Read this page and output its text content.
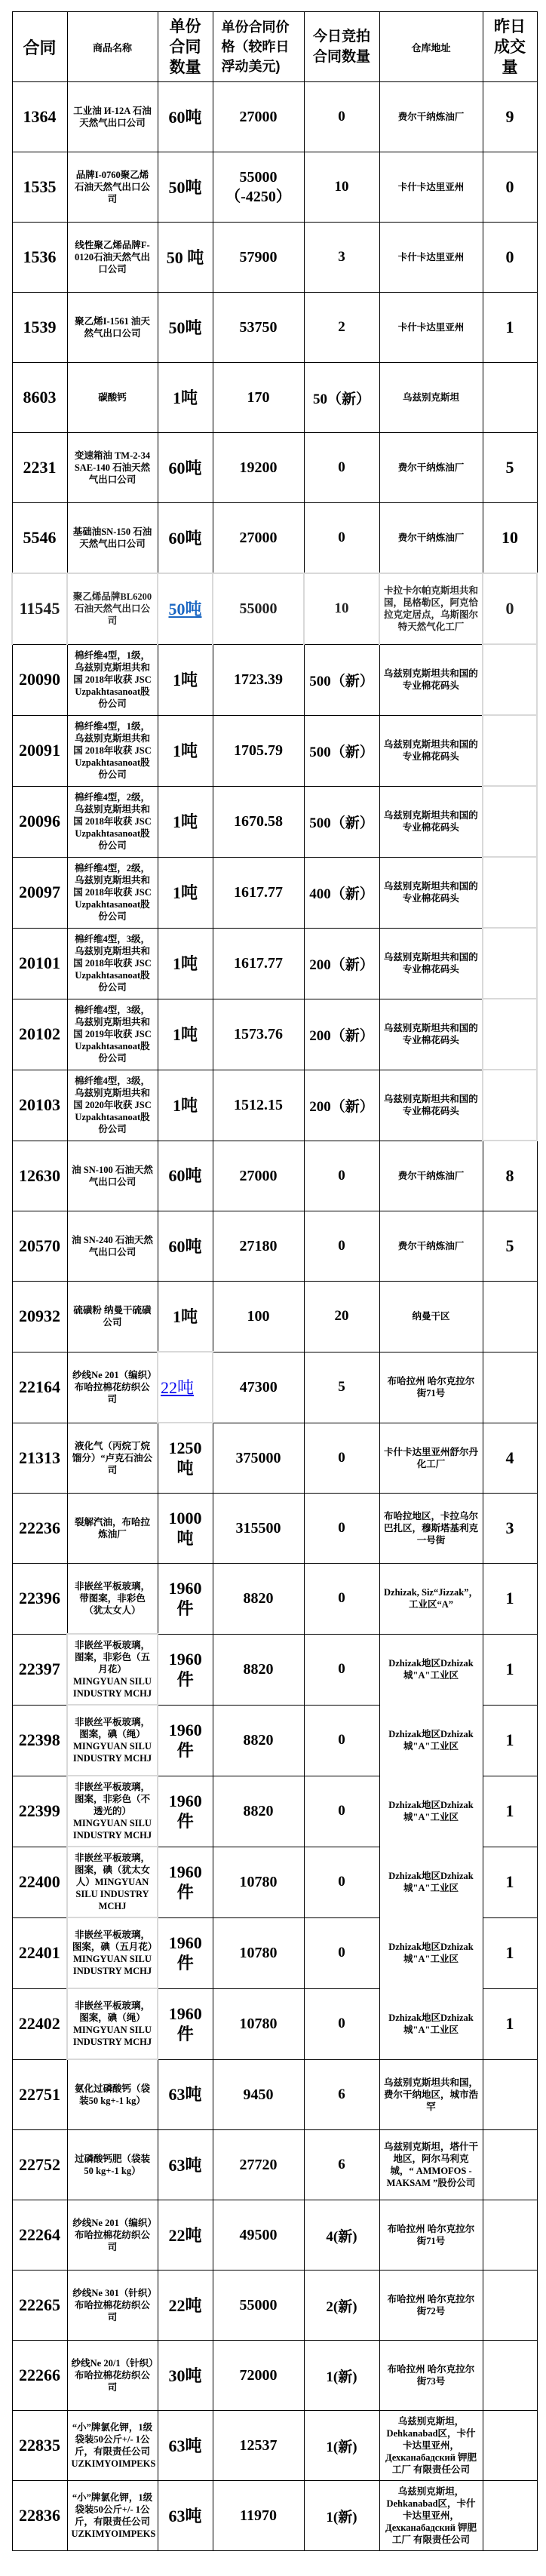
合同	商品名称	单份合同数量	单份合同价格（较昨日浮动美元)	今日竞拍合同数量	仓库地址	昨日成交量
1364	工业油 И-12A 石油天然气出口公司	60吨	27000	0	费尔干纳炼油厂	9
1535	品牌I-0760聚乙烯 石油天然气出口公司	50吨	55000（-4250）	10	卡什卡达里亚州	0
1536	线性聚乙烯品牌F-0120石油天然气出口公司	50 吨	57900	3	卡什卡达里亚州	0
1539	聚乙烯I-1561 油天然气出口公司	50吨	53750	2	卡什卡达里亚州	1
8603	碳酸钙	1吨	170	50（新）	乌兹别克斯坦	
2231	变速箱油 TM-2-34 SAE-140 石油天然气出口公司	60吨	19200	0	费尔干纳炼油厂	5
5546	基础油SN-150 石油天然气出口公司	60吨	27000	0	费尔干纳炼油厂	10
11545	聚乙烯品牌BL6200石油天然气出口公司	50吨	55000	10	卡拉卡尔帕克斯坦共和国，昆格勒区，阿克恰拉克定居点，乌斯图尔特天然气化工厂	0
20090	棉纤维4型，1级，乌兹别克斯坦共和国 2018年收获 JSC Uzpakhtasanoat股份公司	1吨	1723.39	500（新）	乌兹别克斯坦共和国的专业棉花码头	
20091	棉纤维4型，1级，乌兹别克斯坦共和国 2018年收获 JSC Uzpakhtasanoat股份公司	1吨	1705.79	500（新）	乌兹别克斯坦共和国的专业棉花码头	
20096	棉纤维4型，2级，乌兹别克斯坦共和国 2018年收获 JSC Uzpakhtasanoat股份公司	1吨	1670.58	500（新）	乌兹别克斯坦共和国的专业棉花码头	
20097	棉纤维4型，2级，乌兹别克斯坦共和国 2018年收获 JSC Uzpakhtasanoat股份公司	1吨	1617.77	400（新）	乌兹别克斯坦共和国的专业棉花码头	
20101	棉纤维4型，3级，乌兹别克斯坦共和国 2018年收获 JSC Uzpakhtasanoat股份公司	1吨	1617.77	200（新）	乌兹别克斯坦共和国的专业棉花码头	
20102	棉纤维4型，3级，乌兹别克斯坦共和国 2019年收获 JSC Uzpakhtasanoat股份公司	1吨	1573.76	200（新）	乌兹别克斯坦共和国的专业棉花码头	
20103	棉纤维4型，3级，乌兹别克斯坦共和国 2020年收获 JSC Uzpakhtasanoat股份公司	1吨	1512.15	200（新）	乌兹别克斯坦共和国的专业棉花码头	
12630	油 SN-100 石油天然气出口公司	60吨	27000	0	费尔干纳炼油厂	8
20570	油 SN-240 石油天然气出口公司	60吨	27180	0	费尔干纳炼油厂	5
20932	硫磺粉 纳曼干硫磺公司	1吨	100	20	纳曼干区	
22164	纱线Ne 201（编织）布哈拉棉花纺织公司	22吨	47300	5	布哈拉州 哈尔克拉尔街71号	
21313	液化气（丙烷丁烷馏分）“卢克石油公司	1250吨	375000	0	卡什卡达里亚州舒尔丹化工厂	4
22236	裂解汽油，布哈拉炼油厂	1000吨	315500	0	布哈拉地区，卡拉乌尔巴扎区，穆斯塔基利克一号街	3
22396	非嵌丝平板玻璃，带图案，非彩色（犹太女人）	1960件	8820	0	Dzhizak, Siz“Jizzak”，工业区“A”	1
22397	非嵌丝平板玻璃，图案，非彩色（五月花）MINGYUAN SILU INDUSTRY MCHJ	1960件	8820	0	Dzhizak地区Dzhizak城"A"工业区	1
22398	非嵌丝平板玻璃，图案，碘（绳）MINGYUAN SILU INDUSTRY MCHJ	1960件	8820	0	Dzhizak地区Dzhizak城"A"工业区	1
22399	非嵌丝平板玻璃，图案，非彩色（不透光的）MINGYUAN SILU INDUSTRY MCHJ	1960件	8820	0	Dzhizak地区Dzhizak城"A"工业区	1
22400	非嵌丝平板玻璃，图案，碘（犹太女人）MINGYUAN SILU INDUSTRY MCHJ	1960件	10780	0	Dzhizak地区Dzhizak城"A"工业区	1
22401	非嵌丝平板玻璃，图案，碘（五月花）MINGYUAN SILU INDUSTRY MCHJ	1960件	10780	0	Dzhizak地区Dzhizak城"A"工业区	1
22402	非嵌丝平板玻璃，图案，碘（绳）MINGYUAN SILU INDUSTRY MCHJ	1960件	10780	0	Dzhizak地区Dzhizak城"A"工业区	1
22751	氨化过磷酸钙（袋装50 kg+-1 kg）	63吨	9450	6	乌兹别克斯坦共和国，费尔干纳地区，城市浩罕	
22752	过磷酸钙肥（袋装50 kg+-1 kg）	63吨	27720	6	乌兹别克斯坦，塔什干地区，阿尔马利克城，“ AMMOFOS - MAKSAM ”股份公司	
22264	纱线Ne 201（编织）布哈拉棉花纺织公司	22吨	49500	4(新)	布哈拉州 哈尔克拉尔街71号	
22265	纱线Ne 301（针织）布哈拉棉花纺织公司	22吨	55000	2(新)	布哈拉州 哈尔克拉尔街72号	
22266	纱线Ne 20/1（针织）布哈拉棉花纺织公司	30吨	72000	1(新)	布哈拉州 哈尔克拉尔街73号	
22835	“小”牌氯化钾，1级袋装50公斤+/- 1公斤，有限责任公司UZKIMYOIMPEKS	63吨	12537	1(新)	乌兹别克斯坦，Dehkanabad区，卡什卡达里亚州，Дехканабадский 钾肥工厂 有限责任公司	
22836	“小”牌氯化钾，1级袋装50公斤+/- 1公斤，有限责任公司UZKIMYOIMPEKS	63吨	11970	1(新)	乌兹别克斯坦，Dehkanabad区，卡什卡达里亚州，Дехканабадский 钾肥工厂 有限责任公司	
